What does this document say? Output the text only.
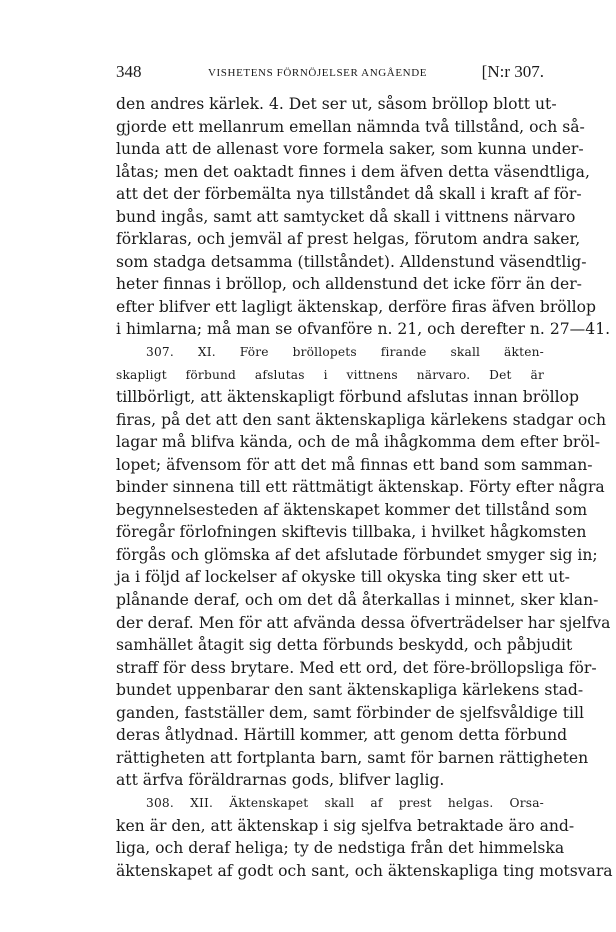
348	VISHETENS FÖRNÖJELSER ANGÅENDE	[N:r 307.
den andres kärlek. 4. Det ser ut, såsom bröllop blott ut-
gjorde ett mellanrum emellan nämnda två tillstånd, och så-
lunda att de allenast vore formela saker, som kunna under-
låtas; men det oaktadt finnes i dem äfven detta väsendtliga,
att det der förbemälta nya tillståndet då skall i kraft af för-
bund ingås, samt att samtycket då skall i vittnens närvaro
förklaras, och jemväl af prest helgas, förutom andra saker,
som stadga detsamma (tillståndet). Alldenstund väsendtlig-
heter finnas i bröllop, och alldenstund det icke förr än der-
efter blifver ett lagligt äktenskap, derföre firas äfven bröllop
i himlarna; må man se ofvanföre n. 21, och derefter n. 27—41.
307. XI. Före bröllopets firande skall äkten-
skapligt förbund afslutas i vittnens närvaro. Det är
tillbörligt, att äktenskapligt förbund afslutas innan bröllop
firas, på det att den sant äktenskapliga kärlekens stadgar och
lagar må blifva kända, och de må ihågkomma dem efter bröl-
lopet; äfvensom för att det må finnas ett band som samman-
binder sinnena till ett rättmätigt äktenskap. Förty efter några
begynnelsesteden af äktenskapet kommer det tillstånd som
föregår förlofningen skiftevis tillbaka, i hvilket hågkomsten
förgås och glömska af det afslutade förbundet smyger sig in;
ja i följd af lockelser af okyske till okyska ting sker ett ut-
plånande deraf, och om det då återkallas i minnet, sker klan-
der deraf. Men för att afvända dessa öfverträdelser har sjelfva
samhället åtagit sig detta förbunds beskydd, och påbjudit
straff för dess brytare. Med ett ord, det före-bröllopsliga för-
bundet uppenbarar den sant äktenskapliga kärlekens stad-
ganden, fastställer dem, samt förbinder de sjelfsvåldige till
deras åtlydnad. Härtill kommer, att genom detta förbund
rättigheten att fortplanta barn, samt för barnen rättigheten
att ärfva föräldrarnas gods, blifver laglig.
308. XII. Äktenskapet skall af prest helgas. Orsa-
ken är den, att äktenskap i sig sjelfva betraktade äro and-
liga, och deraf heliga; ty de nedstiga från det himmelska
äktenskapet af godt och sant, och äktenskapliga ting motsvara
